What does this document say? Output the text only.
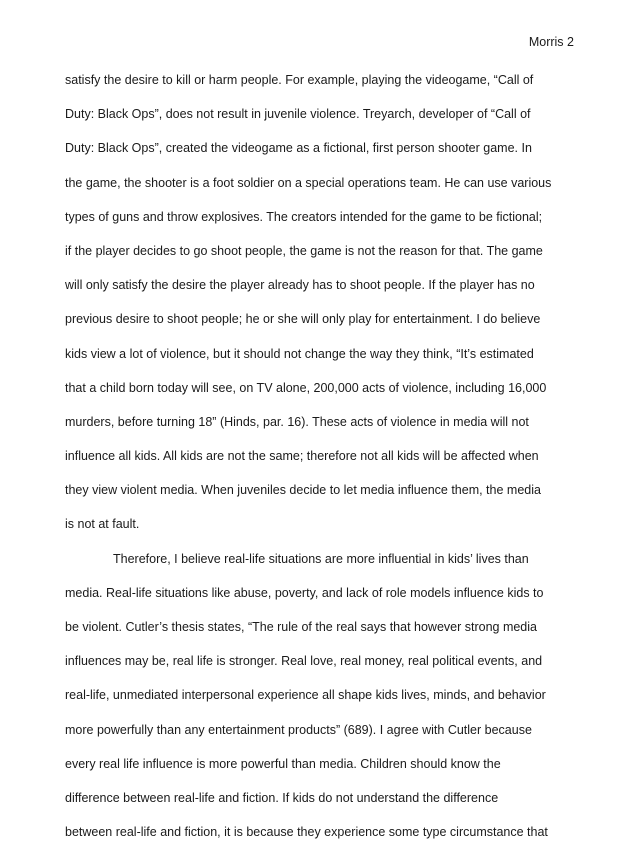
Morris 2
satisfy the desire to kill or harm people. For example, playing the videogame, “Call of
Duty: Black Ops”, does not result in juvenile violence. Treyarch, developer of “Call of
Duty: Black Ops”, created the videogame as a fictional, first person shooter game. In
the game, the shooter is a foot soldier on a special operations team. He can use various
types of guns and throw explosives. The creators intended for the game to be fictional;
if the player decides to go shoot people, the game is not the reason for that. The game
will only satisfy the desire the player already has to shoot people. If the player has no
previous desire to shoot people; he or she will only play for entertainment. I do believe
kids view a lot of violence, but it should not change the way they think, “It’s estimated
that a child born today will see, on TV alone, 200,000 acts of violence, including 16,000
murders, before turning 18” (Hinds, par. 16). These acts of violence in media will not
influence all kids. All kids are not the same; therefore not all kids will be affected when
they view violent media. When juveniles decide to let media influence them, the media
is not at fault.
Therefore, I believe real-life situations are more influential in kids’ lives than
media. Real-life situations like abuse, poverty, and lack of role models influence kids to
be violent. Cutler’s thesis states, “The rule of the real says that however strong media
influences may be, real life is stronger. Real love, real money, real political events, and
real-life, unmediated interpersonal experience all shape kids lives, minds, and behavior
more powerfully than any entertainment products” (689). I agree with Cutler because
every real life influence is more powerful than media. Children should know the
difference between real-life and fiction. If kids do not understand the difference
between real-life and fiction, it is because they experience some type circumstance that
